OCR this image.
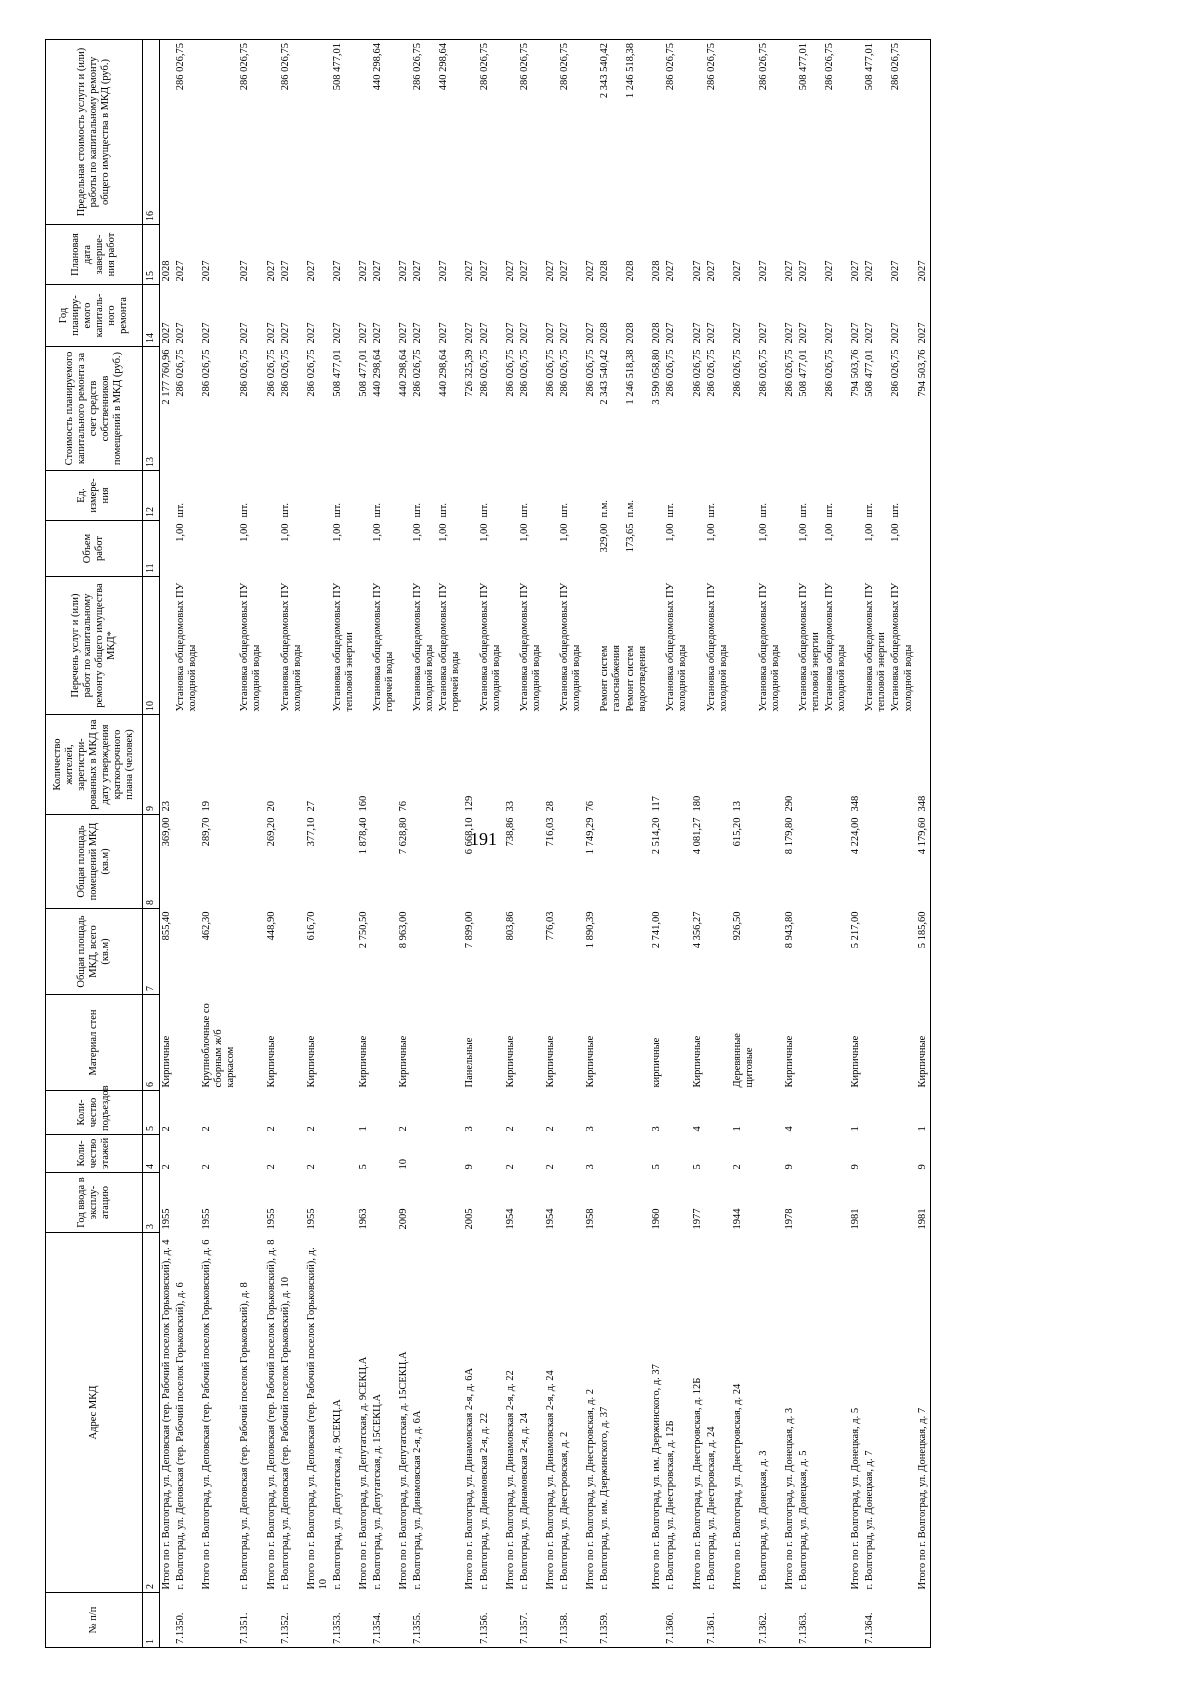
191
№ п/п	Адрес МКД	Год ввода в эксплу-атацию	Коли-чество этажей	Коли-чество подъездов	Материал стен	Общая площадь МКД, всего (кв.м)	Общая площадь помещений МКД (кв.м)	Количество жителей, зарегистри-рованных в МКД на дату утверждения краткосрочного плана (человек)	Перечень услуг и (или) работ по капитальному ремонту общего имущества МКД*	Объем работ	Ед. измере-ния	Стоимость планируемого капитального ремонта за счет средств собственников помещений в МКД (руб.)	Год планиру-емого капиталь-ного ремонта	Плановая дата заверше-ния работ	Предельная стоимость услуги и (или) работы по капитальному ремонту общего имущества в МКД (руб.)
1	2	3	4	5	6	7	8	9	10	11	12	13	14	15	16
	Итого по г. Волгоград, ул. Деповская (тер. Рабочий поселок Горьковский), д. 4	1955	2	2	Кирпичные	855,40	369,00	23				2 177 760,96	2027	2028	
7.1350.	г. Волгоград, ул. Деповская (тер. Рабочий поселок Горьковский), д. 6								Установка общедомовых ПУ холодной воды	1,00	шт.	286 026,75	2027	2027	286 026,75
	Итого по г. Волгоград, ул. Деповская (тер. Рабочий поселок Горьковский), д. 6	1955	2	2	Крупноблочные со сборным ж/б каркасом	462,30	289,70	19				286 026,75	2027	2027	
7.1351.	г. Волгоград, ул. Деповская (тер. Рабочий поселок Горьковский), д. 8								Установка общедомовых ПУ холодной воды	1,00	шт.	286 026,75	2027	2027	286 026,75
	Итого по г. Волгоград, ул. Деповская (тер. Рабочий поселок Горьковский), д. 8	1955	2	2	Кирпичные	448,90	269,20	20				286 026,75	2027	2027	
7.1352.	г. Волгоград, ул. Деповская (тер. Рабочий поселок Горьковский), д. 10								Установка общедомовых ПУ холодной воды	1,00	шт.	286 026,75	2027	2027	286 026,75
	Итого по г. Волгоград, ул. Деповская (тер. Рабочий поселок Горьковский), д. 10	1955	2	2	Кирпичные	616,70	377,10	27				286 026,75	2027	2027	
7.1353.	г. Волгоград, ул. Депутатская, д. 9СЕКЦ.А								Установка общедомовых ПУ тепловой энергии	1,00	шт.	508 477,01	2027	2027	508 477,01
	Итого по г. Волгоград, ул. Депутатская, д. 9СЕКЦ.А	1963	5	1	Кирпичные	2 750,50	1 878,40	160				508 477,01	2027	2027	
7.1354.	г. Волгоград, ул. Депутатская, д. 15СЕКЦ.А								Установка общедомовых ПУ горячей воды	1,00	шт.	440 298,64	2027	2027	440 298,64
	Итого по г. Волгоград, ул. Депутатская, д. 15СЕКЦ.А	2009	10	2	Кирпичные	8 963,00	7 628,80	76				440 298,64	2027	2027	
7.1355.	г. Волгоград, ул. Динамовская 2-я, д. 6А								Установка общедомовых ПУ холодной воды	1,00	шт.	286 026,75	2027	2027	286 026,75
									Установка общедомовых ПУ горячей воды	1,00	шт.	440 298,64	2027	2027	440 298,64
	Итого по г. Волгоград, ул. Динамовская 2-я, д. 6А	2005	9	3	Панельные	7 899,00	6 668,10	129				726 325,39	2027	2027	
7.1356.	г. Волгоград, ул. Динамовская 2-я, д. 22								Установка общедомовых ПУ холодной воды	1,00	шт.	286 026,75	2027	2027	286 026,75
	Итого по г. Волгоград, ул. Динамовская 2-я, д. 22	1954	2	2	Кирпичные	803,86	738,86	33				286 026,75	2027	2027	
7.1357.	г. Волгоград, ул. Динамовская 2-я, д. 24								Установка общедомовых ПУ холодной воды	1,00	шт.	286 026,75	2027	2027	286 026,75
	Итого по г. Волгоград, ул. Динамовская 2-я, д. 24	1954	2	2	Кирпичные	776,03	716,03	28				286 026,75	2027	2027	
7.1358.	г. Волгоград, ул. Днестровская, д. 2								Установка общедомовых ПУ холодной воды	1,00	шт.	286 026,75	2027	2027	286 026,75
	Итого по г. Волгоград, ул. Днестровская, д. 2	1958	3	3	Кирпичные	1 890,39	1 749,29	76				286 026,75	2027	2027	
7.1359.	г. Волгоград, ул. им. Дзержинского, д. 37								Ремонт систем газоснабжения	329,00	п.м.	2 343 540,42	2028	2028	2 343 540,42
									Ремонт систем водоотведения	173,65	п.м.	1 246 518,38	2028	2028	1 246 518,38
	Итого по г. Волгоград, ул. им. Дзержинского, д. 37	1960	5	3	кирпичные	2 741,00	2 514,20	117				3 590 058,80	2028	2028	
7.1360.	г. Волгоград, ул. Днестровская, д. 12Б								Установка общедомовых ПУ холодной воды	1,00	шт.	286 026,75	2027	2027	286 026,75
	Итого по г. Волгоград, ул. Днестровская, д. 12Б	1977	5	4	Кирпичные	4 356,27	4 081,27	180				286 026,75	2027	2027	
7.1361.	г. Волгоград, ул. Днестровская, д. 24								Установка общедомовых ПУ холодной воды	1,00	шт.	286 026,75	2027	2027	286 026,75
	Итого по г. Волгоград, ул. Днестровская, д. 24	1944	2	1	Деревянные щитовые	926,50	615,20	13				286 026,75	2027	2027	
7.1362.	г. Волгоград, ул. Донецкая, д. 3								Установка общедомовых ПУ холодной воды	1,00	шт.	286 026,75	2027	2027	286 026,75
	Итого по г. Волгоград, ул. Донецкая, д. 3	1978	9	4	Кирпичные	8 943,80	8 179,80	290				286 026,75	2027	2027	
7.1363.	г. Волгоград, ул. Донецкая, д. 5								Установка общедомовых ПУ тепловой энергии	1,00	шт.	508 477,01	2027	2027	508 477,01
									Установка общедомовых ПУ холодной воды	1,00	шт.	286 026,75	2027	2027	286 026,75
	Итого по г. Волгоград, ул. Донецкая, д. 5	1981	9	1	Кирпичные	5 217,00	4 224,00	348				794 503,76	2027	2027	
7.1364.	г. Волгоград, ул. Донецкая, д. 7								Установка общедомовых ПУ тепловой энергии	1,00	шт.	508 477,01	2027	2027	508 477,01
									Установка общедомовых ПУ холодной воды	1,00	шт.	286 026,75	2027	2027	286 026,75
	Итого по г. Волгоград, ул. Донецкая, д. 7	1981	9	1	Кирпичные	5 185,60	4 179,60	348				794 503,76	2027	2027	
